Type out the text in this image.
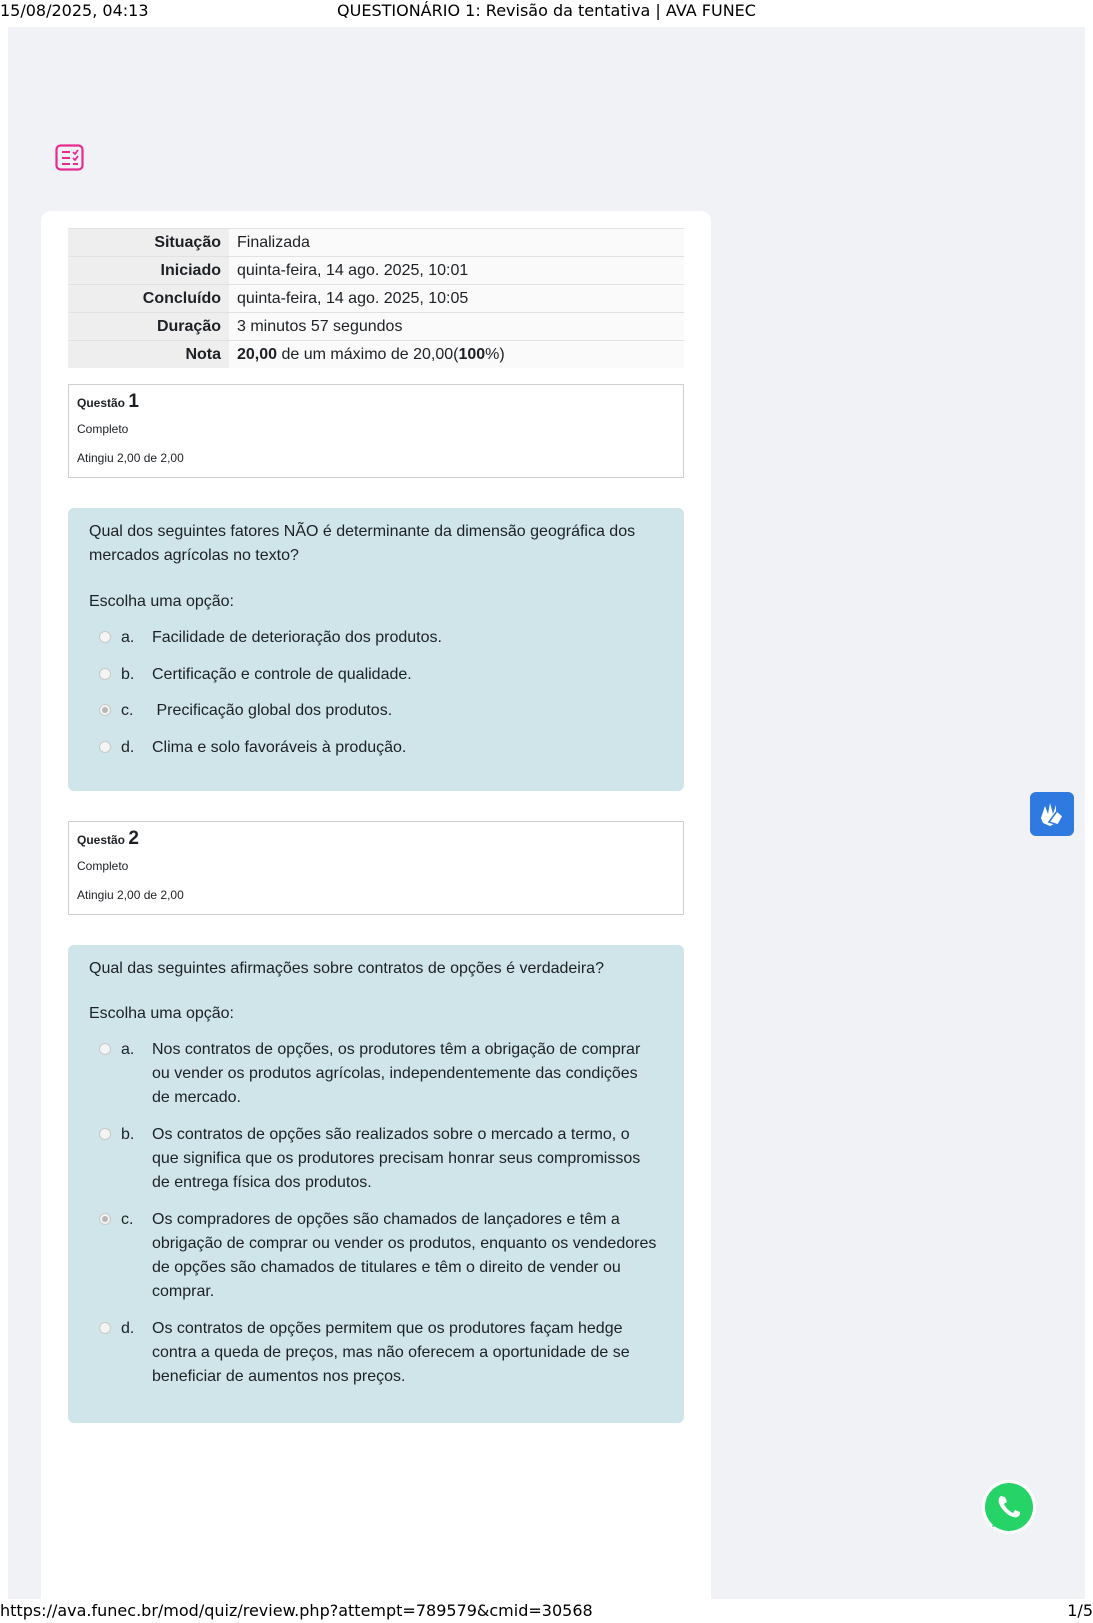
15/08/2025, 04:13	QUESTIONÁRIO 1: Revisão da tentativa | AVA FUNEC
Situação	Finalizada
Iniciado	quinta-feira, 14 ago. 2025, 10:01
Concluído	quinta-feira, 14 ago. 2025, 10:05
Duração	3 minutos 57 segundos
Nota	20,00 de um máximo de 20,00(100%)
Questão 1
Completo
Atingiu 2,00 de 2,00
Qual dos seguintes fatores NÃO é determinante da dimensão geográfica dos mercados agrícolas no texto?
Escolha uma opção:
a. Facilidade de deterioração dos produtos.
b. Certificação e controle de qualidade.
c. Precificação global dos produtos.
d. Clima e solo favoráveis à produção.
Questão 2
Completo
Atingiu 2,00 de 2,00
Qual das seguintes afirmações sobre contratos de opções é verdadeira?
Escolha uma opção:
a. Nos contratos de opções, os produtores têm a obrigação de comprar ou vender os produtos agrícolas, independentemente das condições de mercado.
b. Os contratos de opções são realizados sobre o mercado a termo, o que significa que os produtores precisam honrar seus compromissos de entrega física dos produtos.
c. Os compradores de opções são chamados de lançadores e têm a obrigação de comprar ou vender os produtos, enquanto os vendedores de opções são chamados de titulares e têm o direito de vender ou comprar.
d. Os contratos de opções permitem que os produtores façam hedge contra a queda de preços, mas não oferecem a oportunidade de se beneficiar de aumentos nos preços.
https://ava.funec.br/mod/quiz/review.php?attempt=789579&cmid=30568	1/5
